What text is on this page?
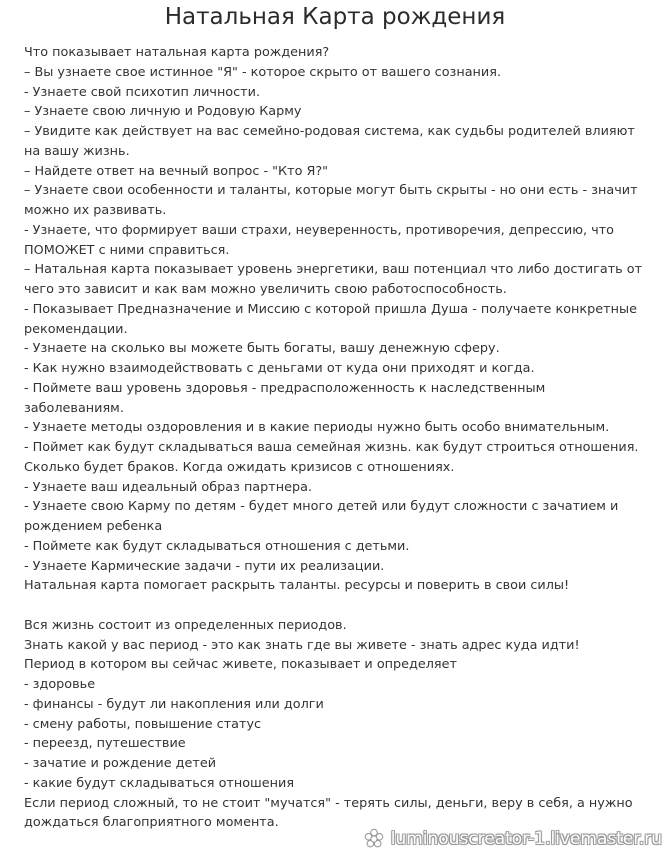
Натальная Карта рождения
Что показывает натальная карта рождения?
– Вы узнаете свое истинное "Я" - которое скрыто от вашего сознания.
- Узнаете свой психотип личности.
– Узнаете свою личную и Родовую Карму
– Увидите как действует на вас семейно-родовая система, как судьбы родителей влияют
на вашу жизнь.
– Найдете ответ на вечный вопрос - "Кто Я?"
– Узнаете свои особенности и таланты, которые могут быть скрыты - но они есть - значит
можно их развивать.
- Узнаете, что формирует ваши страхи, неуверенность, противоречия, депрессию, что
ПОМОЖЕТ с ними справиться.
– Натальная карта показывает уровень энергетики, ваш потенциал что либо достигать от
чего это зависит и как вам можно увеличить свою работоспособность.
- Показывает Предназначение и Миссию с которой пришла Душа - получаете конкретные
рекомендации.
- Узнаете на сколько вы можете быть богаты, вашу денежную сферу.
- Как нужно взаимодействовать с деньгами от куда они приходят и когда.
- Поймете ваш уровень здоровья - предрасположенность к наследственным
заболеваниям.
- Узнаете методы оздоровления и в какие периоды нужно быть особо внимательным.
- Поймет как будут складываться ваша семейная жизнь. как будут строиться отношения.
Сколько будет браков. Когда ожидать кризисов с отношениях.
- Узнаете ваш идеальный образ партнера.
- Узнаете свою Карму по детям - будет много детей или будут сложности с зачатием и
рождением ребенка
- Поймете как будут складываться отношения с детьми.
- Узнаете Кармические задачи - пути их реализации.
Натальная карта помогает раскрыть таланты. ресурсы и поверить в свои силы!
Вся жизнь состоит из определенных периодов.
Знать какой у вас период - это как знать где вы живете - знать адрес куда идти!
Период в котором вы сейчас живете, показывает и определяет
- здоровье
- финансы - будут ли накопления или долги
- смену работы, повышение статус
- переезд, путешествие
- зачатие и рождение детей
- какие будут складываться отношения
Если период сложный, то не стоит "мучатся" - терять силы, деньги, веру в себя, а нужно
дождаться благоприятного момента.
luminouscreator-1.livemaster.ru
